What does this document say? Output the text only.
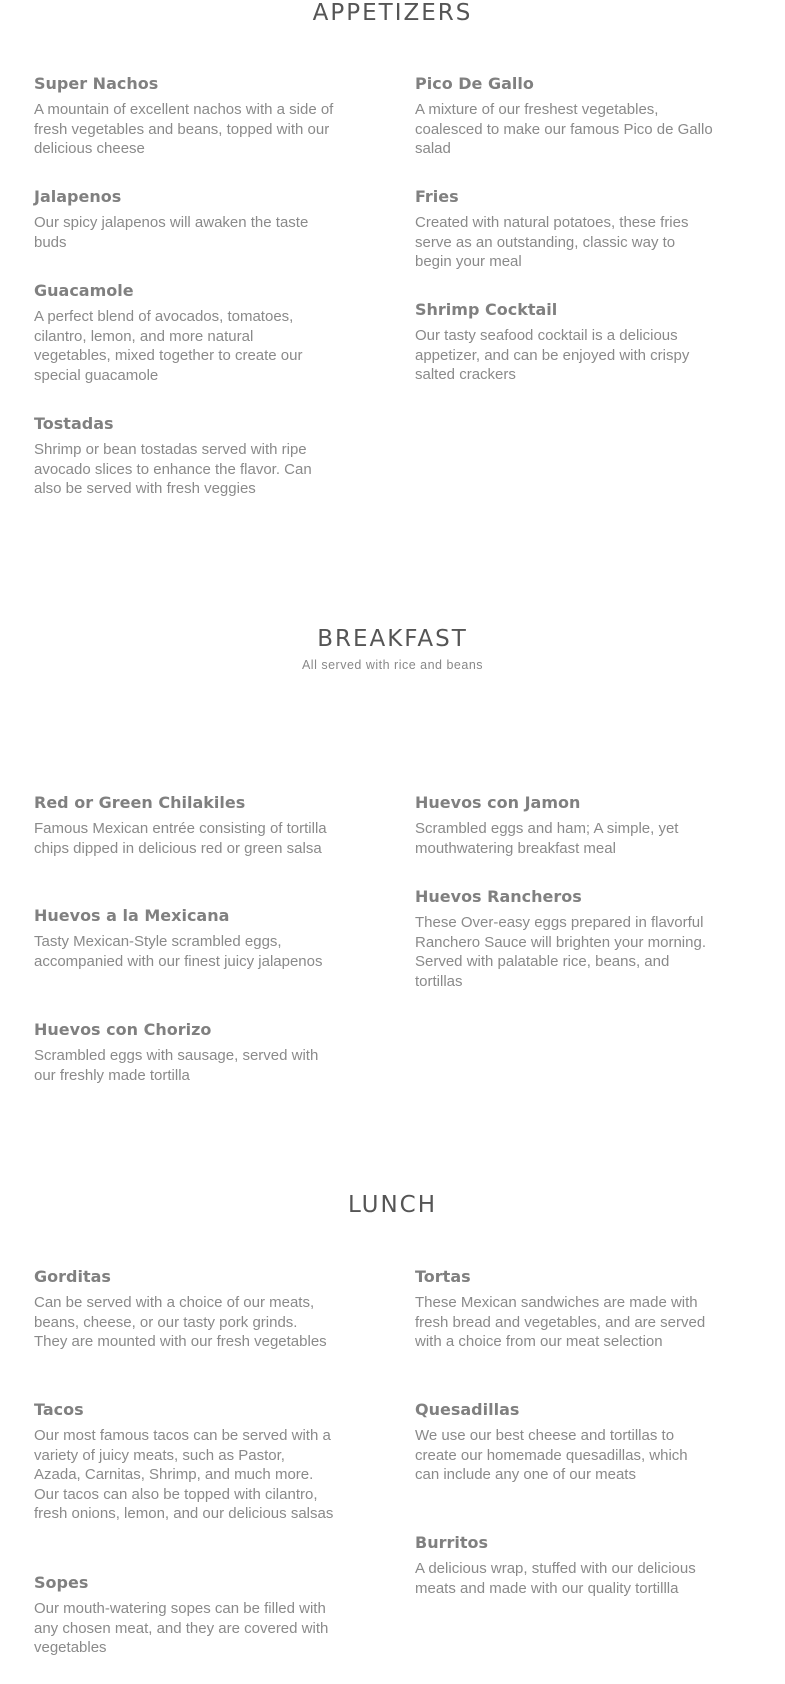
APPETIZERS
Super Nachos

A mountain of excellent nachos with a side of fresh vegetables and beans, topped with our delicious cheese

Jalapenos

Our spicy jalapenos will awaken the taste buds

Guacamole

A perfect blend of avocados, tomatoes, cilantro, lemon, and more natural vegetables, mixed together to create our special guacamole

Tostadas

Shrimp or bean tostadas served with ripe avocado slices to enhance the flavor. Can also be served with fresh veggies

Pico De Gallo

A mixture of our freshest vegetables, coalesced to make our famous Pico de Gallo salad

Fries

Created with natural potatoes, these fries serve as an outstanding, classic way to begin your meal

Shrimp Cocktail

Our tasty seafood cocktail is a delicious appetizer, and can be enjoyed with crispy salted crackers

BREAKFAST

All served with rice and beans

Red or Green Chilakiles

Famous Mexican entrée consisting of tortilla chips dipped in delicious red or green salsa

Huevos a la Mexicana

Tasty Mexican-Style scrambled eggs, accompanied with our finest juicy jalapenos

Huevos con Chorizo

Scrambled eggs with sausage, served with our freshly made tortilla

Huevos con Jamon

Scrambled eggs and ham; A simple, yet mouthwatering breakfast meal

Huevos Rancheros

These Over-easy eggs prepared in flavorful Ranchero Sauce will brighten your morning. Served with palatable rice, beans, and tortillas

LUNCH
Gorditas

Can be served with a choice of our meats, beans, cheese, or our tasty pork grinds. They are mounted with our fresh vegetables

Tacos

Our most famous tacos can be served with a variety of juicy meats, such as Pastor, Azada, Carnitas, Shrimp, and much more. Our tacos can also be topped with cilantro, fresh onions, lemon, and our delicious salsas

Sopes

Our mouth-watering sopes can be filled with any chosen meat, and they are covered with vegetables

Tortas

These Mexican sandwiches are made with fresh bread and vegetables, and are served with a choice from our meat selection

Quesadillas

We use our best cheese and tortillas to create our homemade quesadillas, which can include any one of our meats

Burritos

A delicious wrap, stuffed with our delicious meats and made with our quality tortillla
